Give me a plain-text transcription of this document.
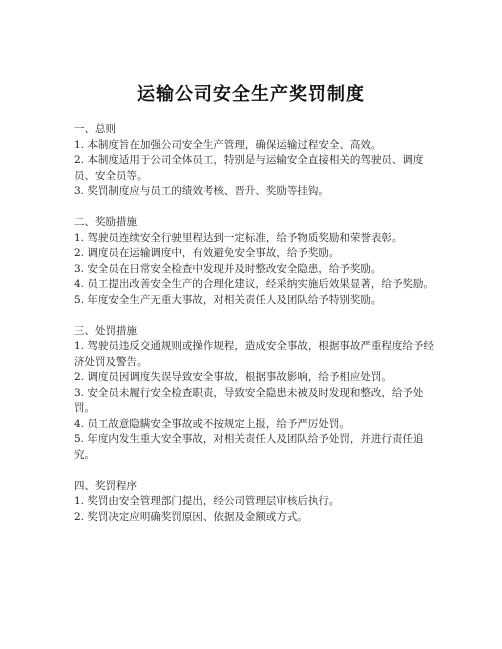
运输公司安全生产奖罚制度

一、总则

1. 本制度旨在加强公司安全生产管理，确保运输过程安全、高效。

2. 本制度适用于公司全体员工，特别是与运输安全直接相关的驾驶员、调度员、安全员等。

3. 奖罚制度应与员工的绩效考核、晋升、奖励等挂钩。

二、奖励措施

1. 驾驶员连续安全行驶里程达到一定标准，给予物质奖励和荣誉表彰。

2. 调度员在运输调度中，有效避免安全事故，给予奖励。

3. 安全员在日常安全检查中发现并及时整改安全隐患，给予奖励。

4. 员工提出改善安全生产的合理化建议，经采纳实施后效果显著，给予奖励。

5. 年度安全生产无重大事故，对相关责任人及团队给予特别奖励。

三、处罚措施

1. 驾驶员违反交通规则或操作规程，造成安全事故，根据事故严重程度给予经济处罚及警告。

2. 调度员因调度失误导致安全事故，根据事故影响，给予相应处罚。

3. 安全员未履行安全检查职责，导致安全隐患未被及时发现和整改，给予处罚。

4. 员工故意隐瞒安全事故或不按规定上报，给予严厉处罚。

5. 年度内发生重大安全事故，对相关责任人及团队给予处罚，并进行责任追究。

四、奖罚程序

1. 奖罚由安全管理部门提出，经公司管理层审核后执行。

2. 奖罚决定应明确奖罚原因、依据及金额或方式。
